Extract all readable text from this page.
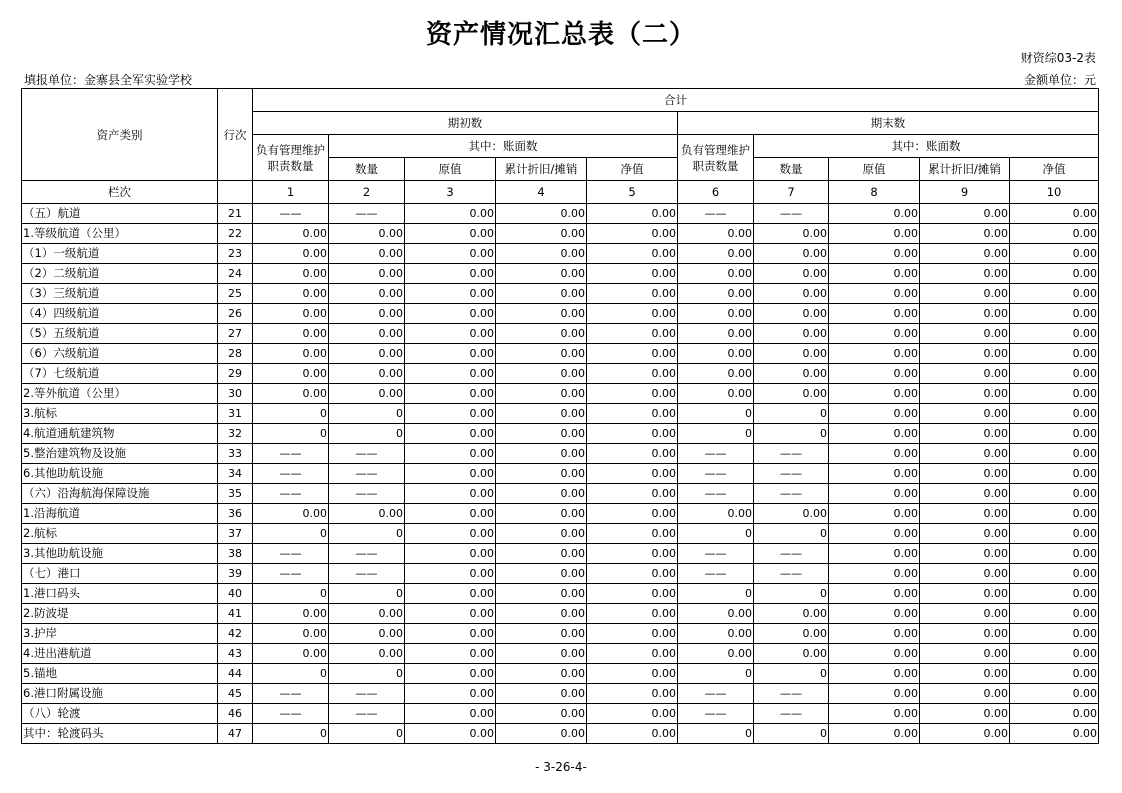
资产情况汇总表（二）
财资综03-2表
填报单位：金寨县全军实验学校	金额单位：元
资产类别	行次	合计									
		期初数					期末数				
		负有管理维护职责数量	其中：账面数				负有管理维护职责数量	其中：账面数			
			数量	原值	累计折旧/摊销	净值		数量	原值	累计折旧/摊销	净值
栏次		1	2	3	4	5	6	7	8	9	10
（五）航道	21	——	——	0.00	0.00	0.00	——	——	0.00	0.00	0.00
1.等级航道（公里）	22	0.00	0.00	0.00	0.00	0.00	0.00	0.00	0.00	0.00	0.00
（1）一级航道	23	0.00	0.00	0.00	0.00	0.00	0.00	0.00	0.00	0.00	0.00
（2）二级航道	24	0.00	0.00	0.00	0.00	0.00	0.00	0.00	0.00	0.00	0.00
（3）三级航道	25	0.00	0.00	0.00	0.00	0.00	0.00	0.00	0.00	0.00	0.00
（4）四级航道	26	0.00	0.00	0.00	0.00	0.00	0.00	0.00	0.00	0.00	0.00
（5）五级航道	27	0.00	0.00	0.00	0.00	0.00	0.00	0.00	0.00	0.00	0.00
（6）六级航道	28	0.00	0.00	0.00	0.00	0.00	0.00	0.00	0.00	0.00	0.00
（7）七级航道	29	0.00	0.00	0.00	0.00	0.00	0.00	0.00	0.00	0.00	0.00
2.等外航道（公里）	30	0.00	0.00	0.00	0.00	0.00	0.00	0.00	0.00	0.00	0.00
3.航标	31	0	0	0.00	0.00	0.00	0	0	0.00	0.00	0.00
4.航道通航建筑物	32	0	0	0.00	0.00	0.00	0	0	0.00	0.00	0.00
5.整治建筑物及设施	33	——	——	0.00	0.00	0.00	——	——	0.00	0.00	0.00
6.其他助航设施	34	——	——	0.00	0.00	0.00	——	——	0.00	0.00	0.00
（六）沿海航海保障设施	35	——	——	0.00	0.00	0.00	——	——	0.00	0.00	0.00
1.沿海航道	36	0.00	0.00	0.00	0.00	0.00	0.00	0.00	0.00	0.00	0.00
2.航标	37	0	0	0.00	0.00	0.00	0	0	0.00	0.00	0.00
3.其他助航设施	38	——	——	0.00	0.00	0.00	——	——	0.00	0.00	0.00
（七）港口	39	——	——	0.00	0.00	0.00	——	——	0.00	0.00	0.00
1.港口码头	40	0	0	0.00	0.00	0.00	0	0	0.00	0.00	0.00
2.防波堤	41	0.00	0.00	0.00	0.00	0.00	0.00	0.00	0.00	0.00	0.00
3.护岸	42	0.00	0.00	0.00	0.00	0.00	0.00	0.00	0.00	0.00	0.00
4.进出港航道	43	0.00	0.00	0.00	0.00	0.00	0.00	0.00	0.00	0.00	0.00
5.锚地	44	0	0	0.00	0.00	0.00	0	0	0.00	0.00	0.00
6.港口附属设施	45	——	——	0.00	0.00	0.00	——	——	0.00	0.00	0.00
（八）轮渡	46	——	——	0.00	0.00	0.00	——	——	0.00	0.00	0.00
其中：轮渡码头	47	0	0	0.00	0.00	0.00	0	0	0.00	0.00	0.00
- 3-26-4-
